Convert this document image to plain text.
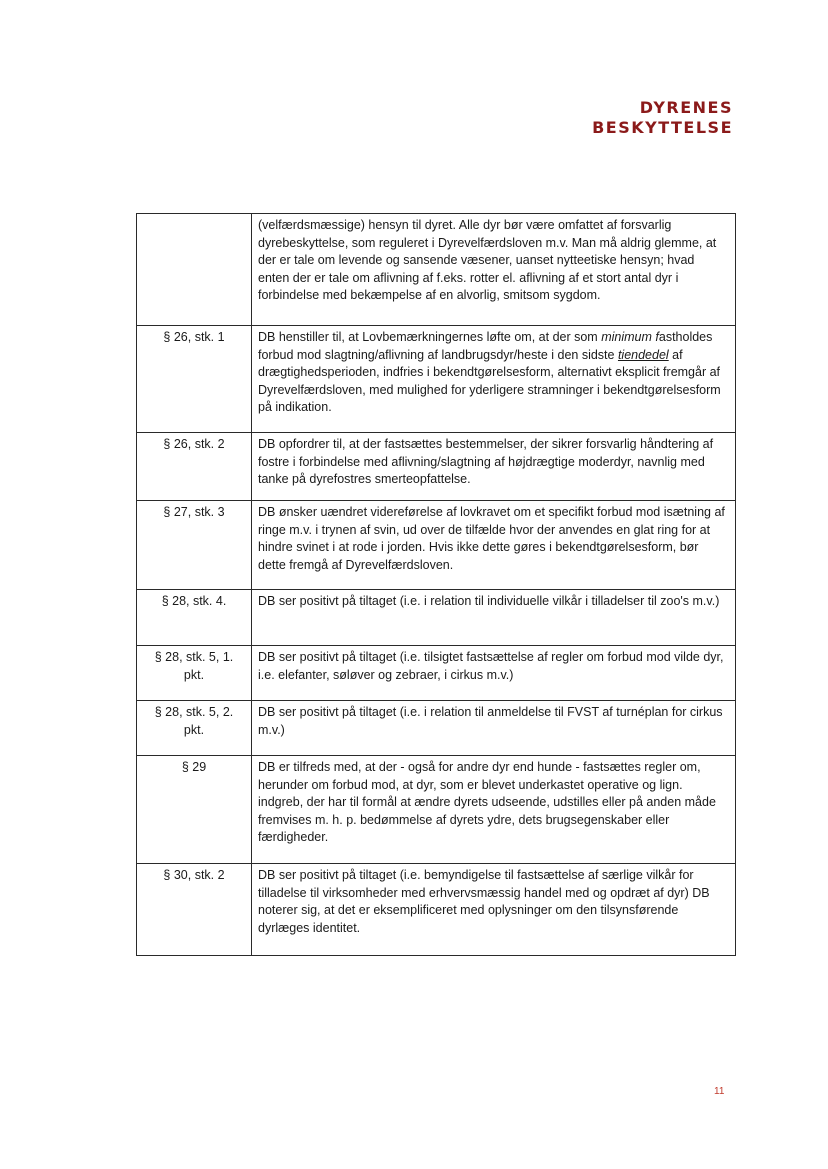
DYRENES
BESKYTTELSE
	(velfærdsmæssige) hensyn til dyret. Alle dyr bør være omfattet af forsvarlig dyrebeskyttelse, som reguleret i Dyrevelfærdsloven m.v. Man må aldrig glemme, at der er tale om levende og sansende væsener, uanset nytteetiske hensyn; hvad enten der er tale om aflivning af f.eks. rotter el. aflivning af et stort antal dyr i forbindelse med bekæmpelse af en alvorlig, smitsom sygdom.
§ 26, stk. 1	DB henstiller til, at Lovbemærkningernes løfte om, at der som minimum fastholdes forbud mod slagtning/aflivning af landbrugsdyr/heste i den sidste tiendedel af drægtighedsperioden, indfries i bekendtgørelsesform, alternativt eksplicit fremgår af Dyrevelfærdsloven, med mulighed for yderligere stramninger i bekendtgørelsesform på indikation.
§ 26, stk. 2	DB opfordrer til, at der fastsættes bestemmelser, der sikrer forsvarlig håndtering af fostre i forbindelse med aflivning/slagtning af højdrægtige moderdyr, navnlig med tanke på dyrefostres smerteopfattelse.
§ 27, stk. 3	DB ønsker uændret videreførelse af lovkravet om et specifikt forbud mod isætning af ringe m.v. i trynen af svin, ud over de tilfælde hvor der anvendes en glat ring for at hindre svinet i at rode i jorden. Hvis ikke dette gøres i bekendtgørelsesform, bør dette fremgå af Dyrevelfærdsloven.
§ 28, stk. 4.	DB ser positivt på tiltaget (i.e. i relation til individuelle vilkår i tilladelser til zoo's m.v.)
§ 28, stk. 5, 1. pkt.	DB ser positivt på tiltaget (i.e. tilsigtet fastsættelse af regler om forbud mod vilde dyr, i.e. elefanter, søløver og zebraer, i cirkus m.v.)
§ 28, stk. 5, 2. pkt.	DB ser positivt på tiltaget (i.e. i relation til anmeldelse til FVST af turnéplan for cirkus m.v.)
§ 29	DB er tilfreds med, at der - også for andre dyr end hunde - fastsættes regler om, herunder om forbud mod, at dyr, som er blevet underkastet operative og lign. indgreb, der har til formål at ændre dyrets udseende, udstilles eller på anden måde fremvises m. h. p. bedømmelse af dyrets ydre, dets brugsegenskaber eller færdigheder.
§ 30, stk. 2	DB ser positivt på tiltaget (i.e. bemyndigelse til fastsættelse af særlige vilkår for tilladelse til virksomheder med erhvervsmæssig handel med og opdræt af dyr) DB noterer sig, at det er eksemplificeret med oplysninger om den tilsynsførende dyrlæges identitet.
11
